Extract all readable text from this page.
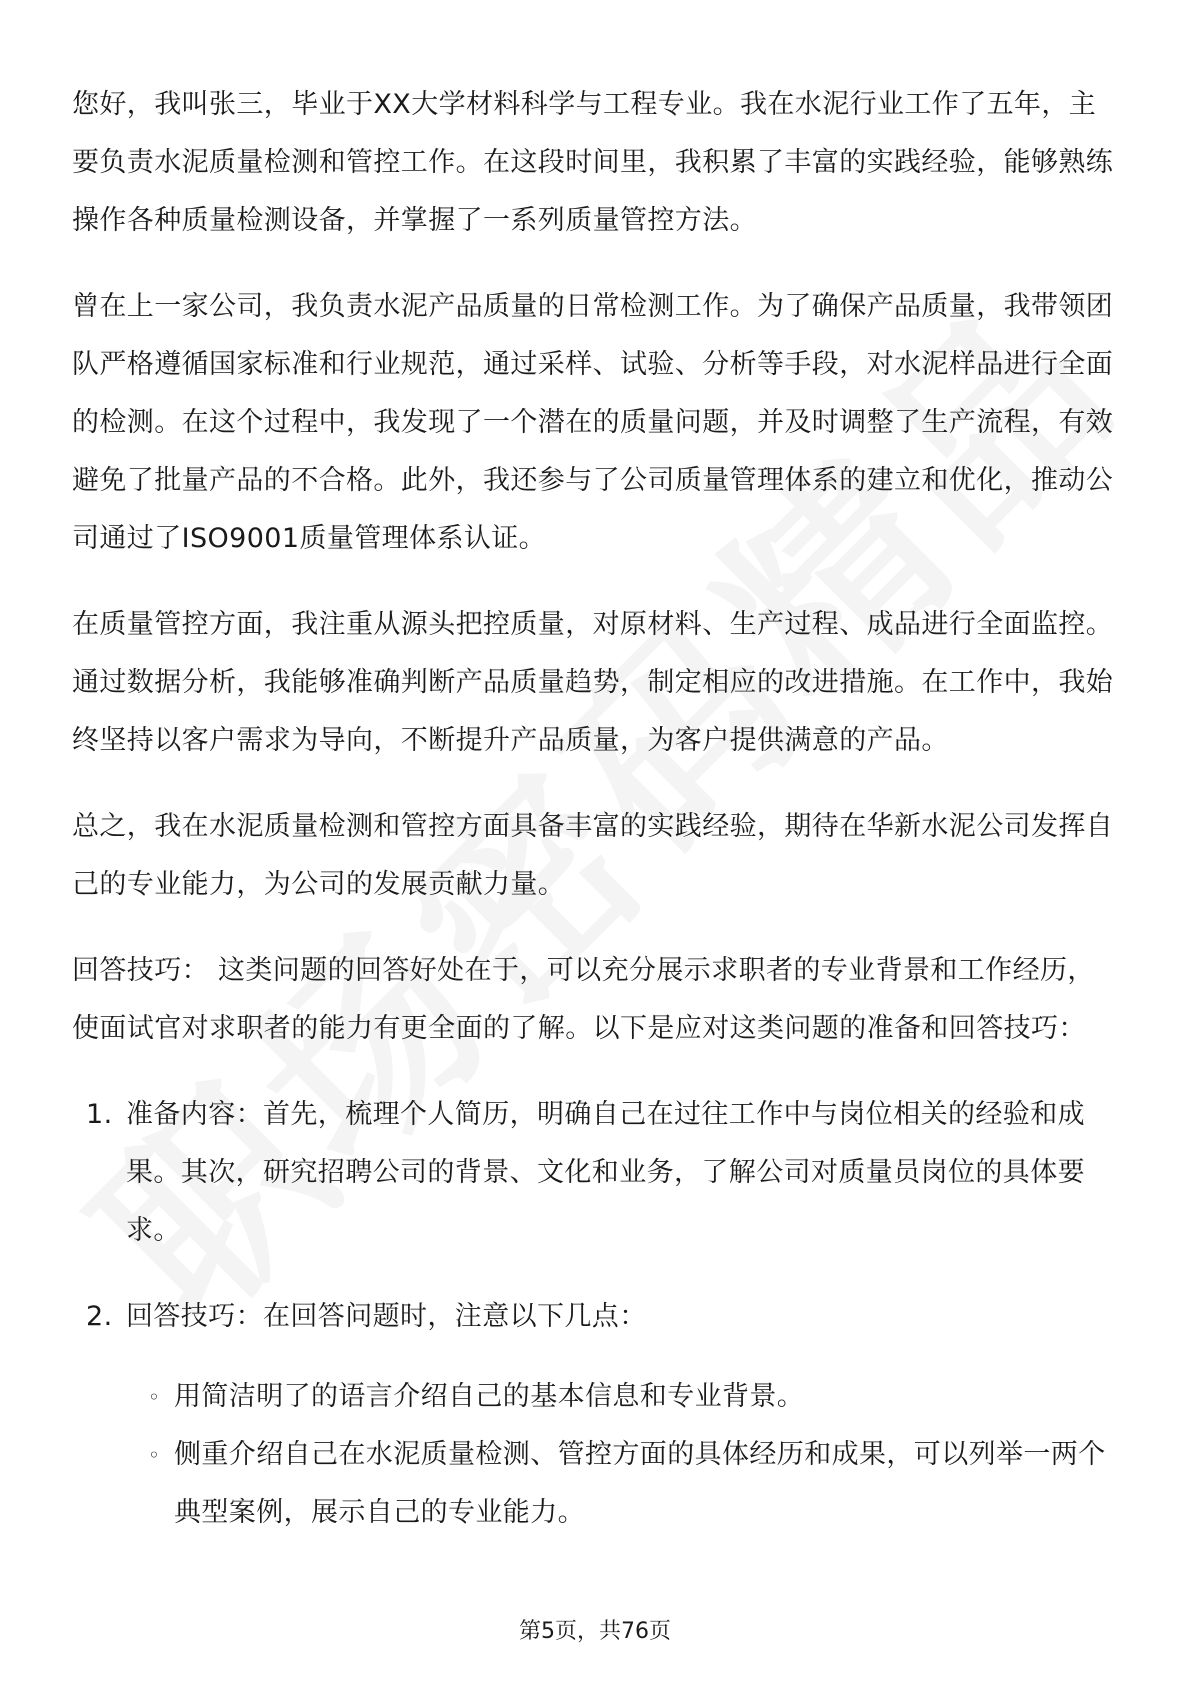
您好，我叫张三，毕业于XX大学材料科学与工程专业。我在水泥行业工作了五年，主要负责水泥质量检测和管控工作。在这段时间里，我积累了丰富的实践经验，能够熟练操作各种质量检测设备，并掌握了一系列质量管控方法。

曾在上一家公司，我负责水泥产品质量的日常检测工作。为了确保产品质量，我带领团队严格遵循国家标准和行业规范，通过采样、试验、分析等手段，对水泥样品进行全面的检测。在这个过程中，我发现了一个潜在的质量问题，并及时调整了生产流程，有效避免了批量产品的不合格。此外，我还参与了公司质量管理体系的建立和优化，推动公司通过了ISO9001质量管理体系认证。

在质量管控方面，我注重从源头把控质量，对原材料、生产过程、成品进行全面监控。通过数据分析，我能够准确判断产品质量趋势，制定相应的改进措施。在工作中，我始终坚持以客户需求为导向，不断提升产品质量，为客户提供满意的产品。

总之，我在水泥质量检测和管控方面具备丰富的实践经验，期待在华新水泥公司发挥自己的专业能力，为公司的发展贡献力量。

回答技巧： 这类问题的回答好处在于，可以充分展示求职者的专业背景和工作经历，使面试官对求职者的能力有更全面的了解。以下是应对这类问题的准备和回答技巧：

1. 准备内容：首先，梳理个人简历，明确自己在过往工作中与岗位相关的经验和成果。其次，研究招聘公司的背景、文化和业务，了解公司对质量员岗位的具体要求。
2. 回答技巧：在回答问题时，注意以下几点：
◦ 用简洁明了的语言介绍自己的基本信息和专业背景。
◦ 侧重介绍自己在水泥质量检测、管控方面的具体经历和成果，可以列举一两个典型案例，展示自己的专业能力。
第5页，共76页
